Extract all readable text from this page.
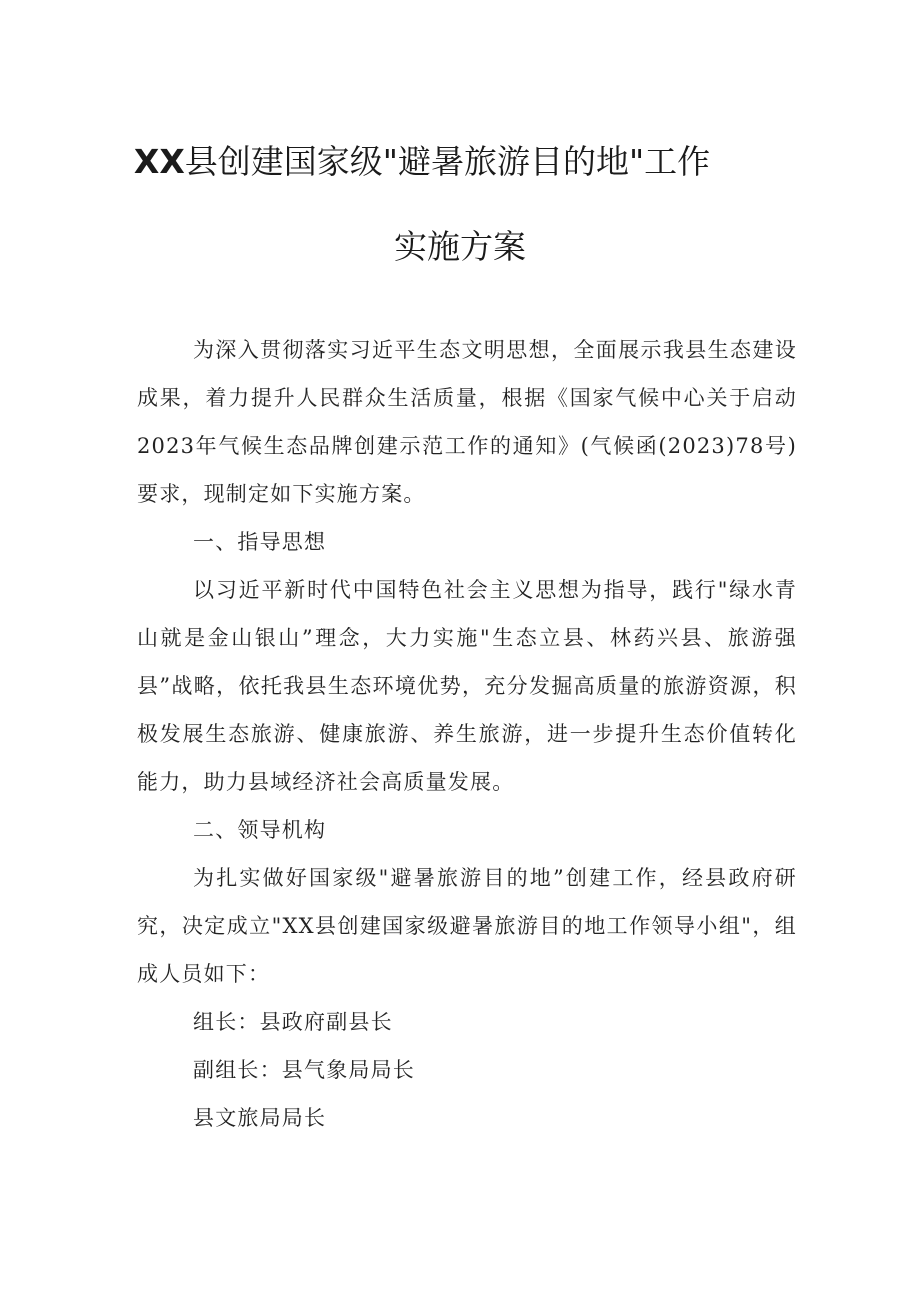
XX县创建国家级"避暑旅游目的地"工作
实施方案

为深入贯彻落实习近平生态文明思想，全面展示我县生态建设成果，着力提升人民群众生活质量，根据《国家气候中心关于启动2023年气候生态品牌创建示范工作的通知》(气候函(2023)78号)要求，现制定如下实施方案。

一、指导思想

以习近平新时代中国特色社会主义思想为指导，践行"绿水青山就是金山银山”理念，大力实施"生态立县、林药兴县、旅游强县”战略，依托我县生态环境优势，充分发掘高质量的旅游资源，积极发展生态旅游、健康旅游、养生旅游，进一步提升生态价值转化能力，助力县域经济社会高质量发展。

二、领导机构

为扎实做好国家级"避暑旅游目的地”创建工作，经县政府研究，决定成立"XX县创建国家级避暑旅游目的地工作领导小组"，组成人员如下：

组长：县政府副县长

副组长：县气象局局长

县文旅局局长
